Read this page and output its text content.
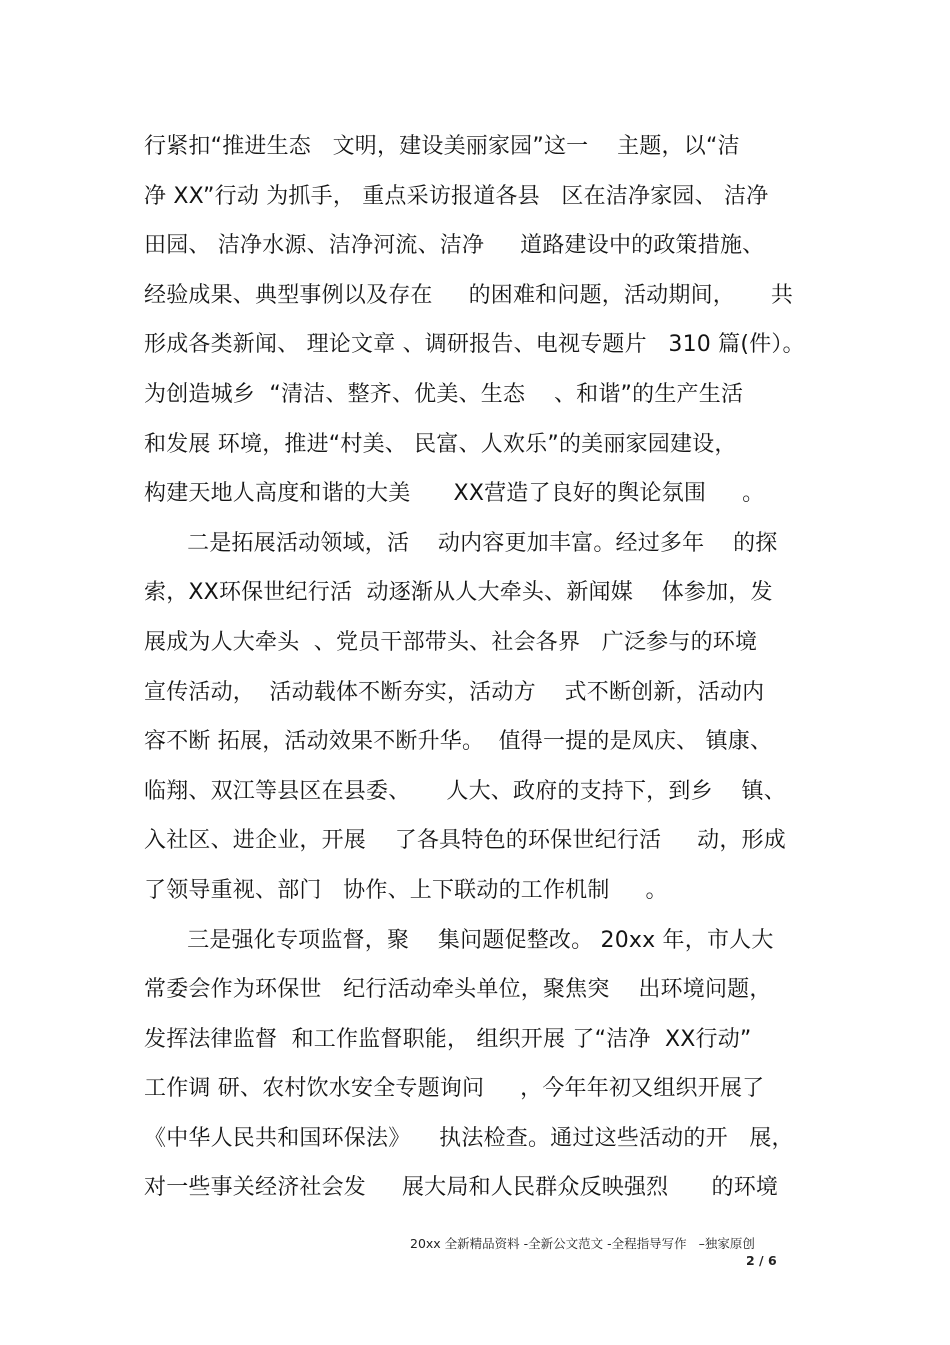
行紧扣“推进生态   文明，建设美丽家园”这一    主题，以“洁
净 XX”行动 为抓手， 重点采访报道各县   区在洁净家园、 洁净
田园、 洁净水源、洁净河流、洁净     道路建设中的政策措施、
经验成果、典型事例以及存在     的困难和问题，活动期间，     共
形成各类新闻、 理论文章 、调研报告、电视专题片   310 篇(件）。
为创造城乡  “清洁、整齐、优美、生态    、和谐”的生产生活
和发展 环境，推进“村美、 民富、人欢乐”的美丽家园建设，
构建天地人高度和谐的大美      XX营造了良好的舆论氛围     。
二是拓展活动领域，活    动内容更加丰富。经过多年    的探
索，XX环保世纪行活  动逐渐从人大牵头、新闻媒    体参加，发
展成为人大牵头  、党员干部带头、社会各界   广泛参与的环境
宣传活动，  活动载体不断夯实，活动方    式不断创新，活动内
容不断 拓展，活动效果不断升华。  值得一提的是凤庆、 镇康、
临翔、双江等县区在县委、     人大、政府的支持下，到乡    镇、
入社区、进企业，开展    了各具特色的环保世纪行活     动，形成
了领导重视、部门   协作、上下联动的工作机制     。
三是强化专项监督，聚    集问题促整改。 20xx 年，市人大
常委会作为环保世   纪行活动牵头单位，聚焦突    出环境问题，
发挥法律监督  和工作监督职能， 组织开展 了“洁净  XX行动”
工作调 研、农村饮水安全专题询问     ，今年年初又组织开展了
《中华人民共和国环保法》    执法检查。通过这些活动的开   展，
对一些事关经济社会发     展大局和人民群众反映强烈      的环境
20xx 全新精品资料 -全新公文范文 -全程指导写作   –独家原创
2 / 6
